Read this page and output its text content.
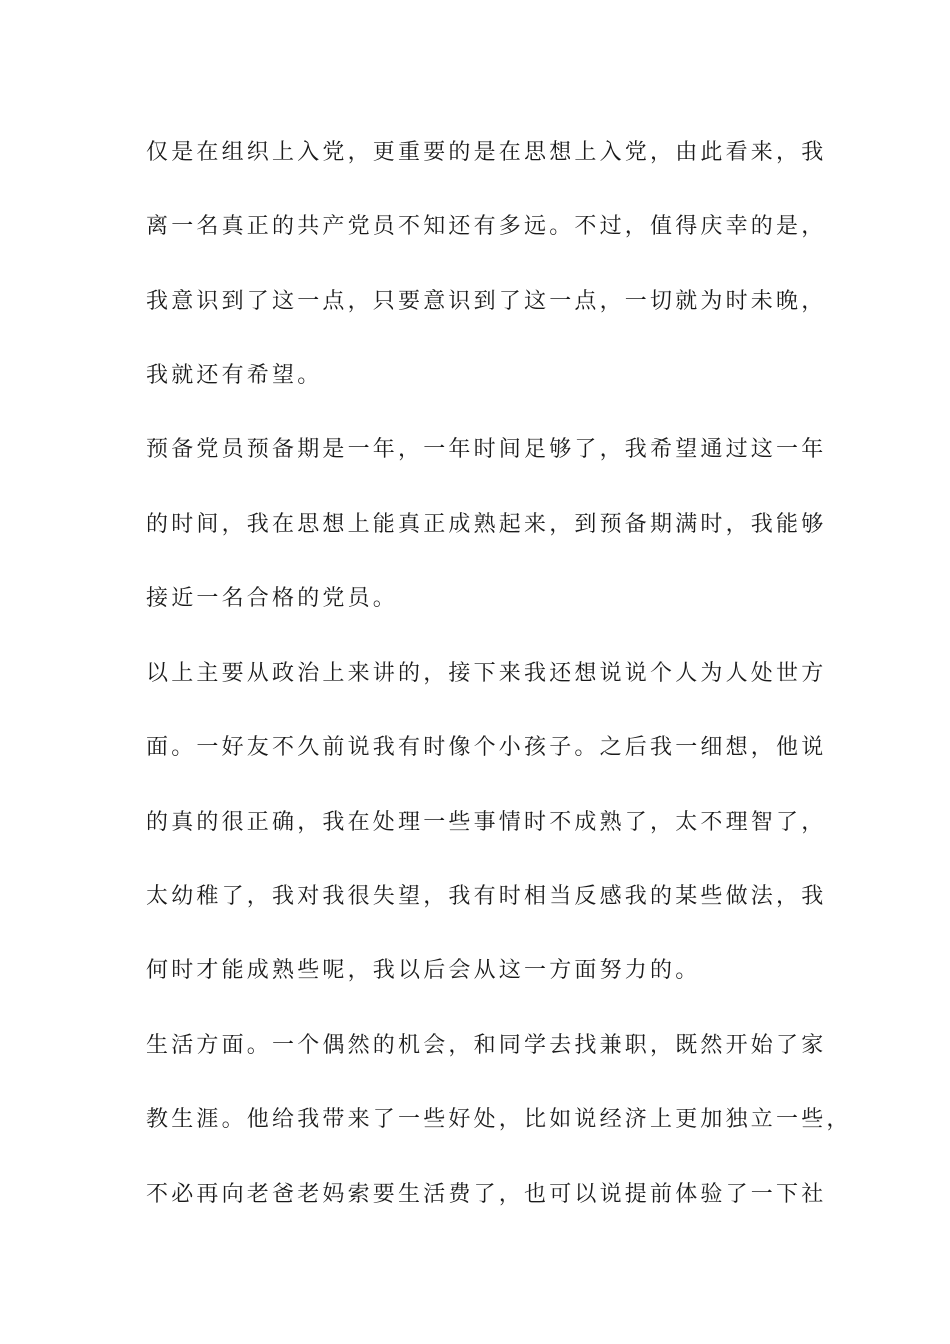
仅是在组织上入党，更重要的是在思想上入党，由此看来，我
离一名真正的共产党员不知还有多远。不过，值得庆幸的是，
我意识到了这一点，只要意识到了这一点，一切就为时未晚，
我就还有希望。
预备党员预备期是一年，一年时间足够了，我希望通过这一年
的时间，我在思想上能真正成熟起来，到预备期满时，我能够
接近一名合格的党员。
以上主要从政治上来讲的，接下来我还想说说个人为人处世方
面。一好友不久前说我有时像个小孩子。之后我一细想，他说
的真的很正确，我在处理一些事情时不成熟了，太不理智了，
太幼稚了，我对我很失望，我有时相当反感我的某些做法，我
何时才能成熟些呢，我以后会从这一方面努力的。
生活方面。一个偶然的机会，和同学去找兼职，既然开始了家
教生涯。他给我带来了一些好处，比如说经济上更加独立一些，
不必再向老爸老妈索要生活费了，也可以说提前体验了一下社
